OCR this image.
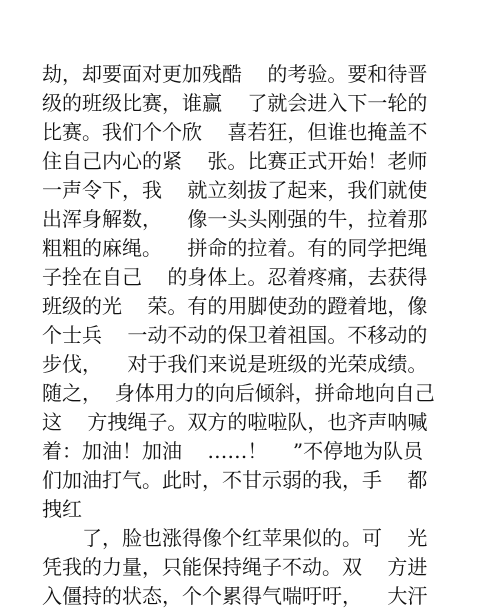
劫，却要面对更加残酷    的考验。要和待晋
级的班级比赛，谁赢    了就会进入下一轮的
比赛。我们个个欣    喜若狂，但谁也掩盖不
住自己内心的紧    张。比赛正式开始！老师
一声令下，我    就立刻拔了起来，我们就使
出浑身解数，    像一头头刚强的牛，拉着那
粗粗的麻绳。    拼命的拉着。有的同学把绳
子拴在自己    的身体上。忍着疼痛，去获得
班级的光    荣。有的用脚使劲的蹬着地，像
个士兵    一动不动的保卫着祖国。不移动的
步伐，    对于我们来说是班级的光荣成绩。
随之，  身体用力的向后倾斜，拼命地向自己
这    方拽绳子。双方的啦啦队，也齐声呐喊
着：加油！加油    ……！    ”不停地为队员
们加油打气。此时，不甘示弱的我，手    都
拽红
了，脸也涨得像个红苹果似的。可    光
凭我的力量，只能保持绳子不动。双    方进
入僵持的状态，个个累得气喘吁吁，    大汗
